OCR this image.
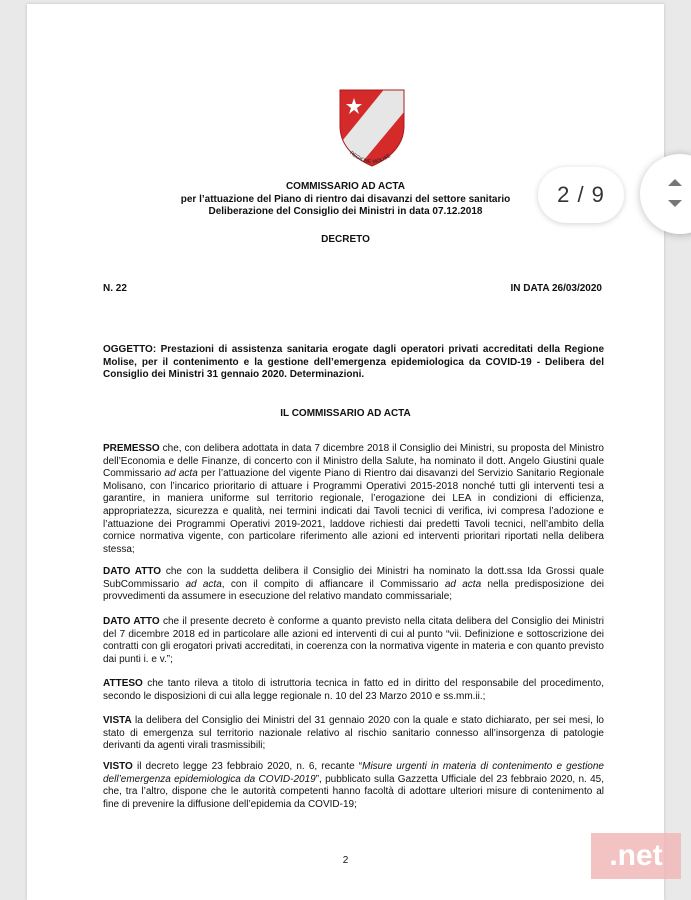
REGIONE MOLISE
COMMISSARIO AD ACTA
per l’attuazione del Piano di rientro dai disavanzi del settore sanitario
Deliberazione del Consiglio dei Ministri in data 07.12.2018
DECRETO
N. 22	IN DATA 26/03/2020
OGGETTO: Prestazioni di assistenza sanitaria erogate dagli operatori privati accreditati della Regione Molise, per il contenimento e la gestione dell’emergenza epidemiologica da COVID-19 - Delibera del Consiglio dei Ministri 31 gennaio 2020. Determinazioni.
IL COMMISSARIO AD ACTA
PREMESSO che, con delibera adottata in data 7 dicembre 2018 il Consiglio dei Ministri, su proposta del Ministro dell’Economia e delle Finanze, di concerto con il Ministro della Salute, ha nominato il dott. Angelo Giustini quale Commissario ad acta per l’attuazione del vigente Piano di Rientro dai disavanzi del Servizio Sanitario Regionale Molisano, con l’incarico prioritario di attuare i Programmi Operativi 2015-2018 nonché tutti gli interventi tesi a garantire, in maniera uniforme sul territorio regionale, l’erogazione dei LEA in condizioni di efficienza, appropriatezza, sicurezza e qualità, nei termini indicati dai Tavoli tecnici di verifica, ivi compresa l’adozione e l’attuazione dei Programmi Operativi 2019-2021, laddove richiesti dai predetti Tavoli tecnici, nell’ambito della cornice normativa vigente, con particolare riferimento alle azioni ed interventi prioritari riportati nella delibera stessa;
DATO ATTO che con la suddetta delibera il Consiglio dei Ministri ha nominato la dott.ssa Ida Grossi quale SubCommissario ad acta, con il compito di affiancare il Commissario ad acta nella predisposizione dei provvedimenti da assumere in esecuzione del relativo mandato commissariale;
DATO ATTO che il presente decreto è conforme a quanto previsto nella citata delibera del Consiglio dei Ministri del 7 dicembre 2018 ed in particolare alle azioni ed interventi di cui al punto “vii. Definizione e sottoscrizione dei contratti con gli erogatori privati accreditati, in coerenza con la normativa vigente in materia e con quanto previsto dai punti i. e v.”;
ATTESO che tanto rileva a titolo di istruttoria tecnica in fatto ed in diritto del responsabile del procedimento, secondo le disposizioni di cui alla legge regionale n. 10 del 23 Marzo 2010 e ss.mm.ii.;
VISTA la delibera del Consiglio dei Ministri del 31 gennaio 2020 con la quale e stato dichiarato, per sei mesi, lo stato di emergenza sul territorio nazionale relativo al rischio sanitario connesso all’insorgenza di patologie derivanti da agenti virali trasmissibili;
VISTO il decreto legge 23 febbraio 2020, n. 6, recante “Misure urgenti in materia di contenimento e gestione dell’emergenza epidemiologica da COVID-2019”, pubblicato sulla Gazzetta Ufficiale del 23 febbraio 2020, n. 45, che, tra l’altro, dispone che le autorità competenti hanno facoltà di adottare ulteriori misure di contenimento al fine di prevenire la diffusione dell’epidemia da COVID-19;
2
2 / 9
.net
